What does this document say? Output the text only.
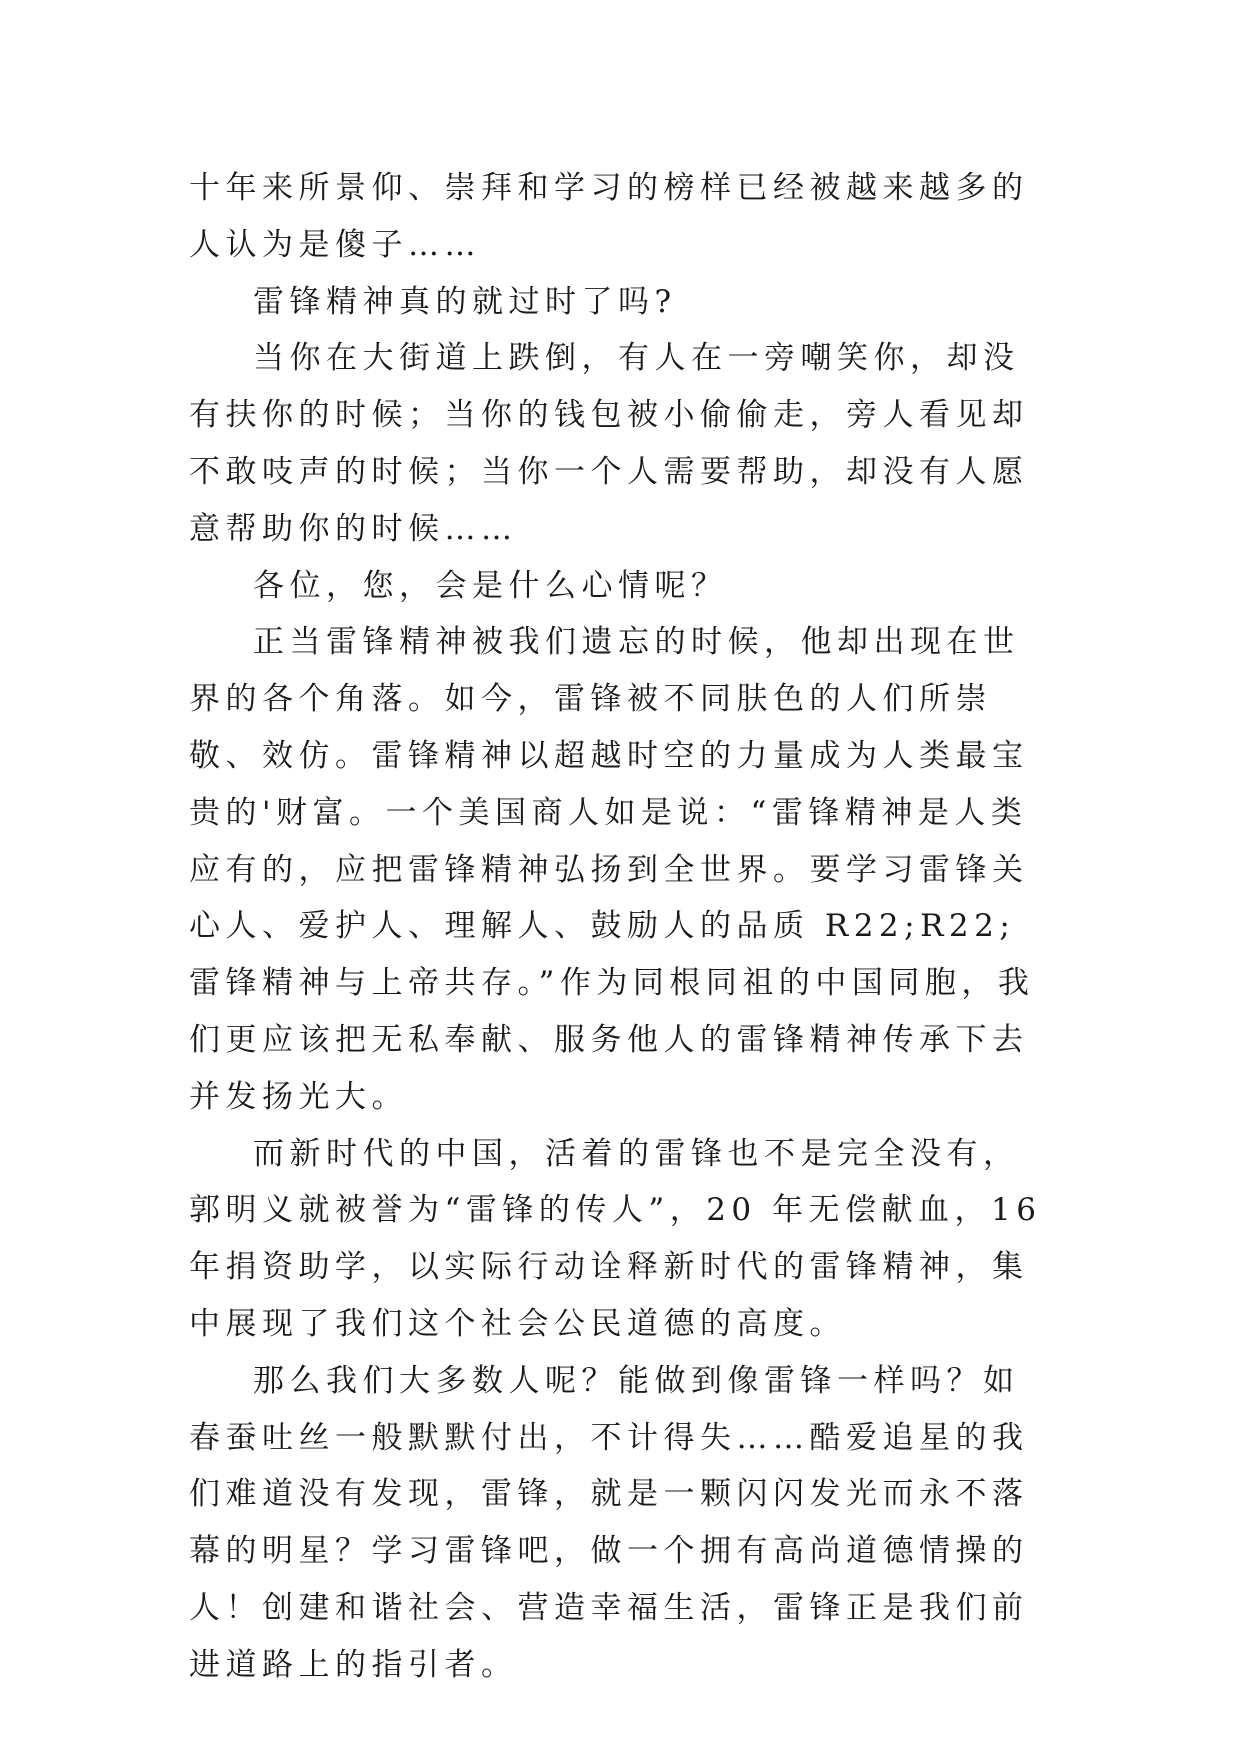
十年来所景仰、崇拜和学习的榜样已经被越来越多的人认为是傻子……

雷锋精神真的就过时了吗?

当你在大街道上跌倒，有人在一旁嘲笑你，却没有扶你的时候；当你的钱包被小偷偷走，旁人看见却不敢吱声的时候；当你一个人需要帮助，却没有人愿意帮助你的时候……

各位，您，会是什么心情呢？

正当雷锋精神被我们遗忘的时候，他却出现在世界的各个角落。如今，雷锋被不同肤色的人们所崇敬、效仿。雷锋精神以超越时空的力量成为人类最宝贵的'财富。一个美国商人如是说：“雷锋精神是人类应有的，应把雷锋精神弘扬到全世界。要学习雷锋关心人、爱护人、理解人、鼓励人的品质 R22;R22;雷锋精神与上帝共存。”作为同根同祖的中国同胞，我们更应该把无私奉献、服务他人的雷锋精神传承下去并发扬光大。

而新时代的中国，活着的雷锋也不是完全没有，郭明义就被誉为“雷锋的传人”，20 年无偿献血，16 年捐资助学，以实际行动诠释新时代的雷锋精神，集中展现了我们这个社会公民道德的高度。

那么我们大多数人呢？能做到像雷锋一样吗？如春蚕吐丝一般默默付出，不计得失……酷爱追星的我们难道没有发现，雷锋，就是一颗闪闪发光而永不落幕的明星？学习雷锋吧，做一个拥有高尚道德情操的人！创建和谐社会、营造幸福生活，雷锋正是我们前进道路上的指引者。
